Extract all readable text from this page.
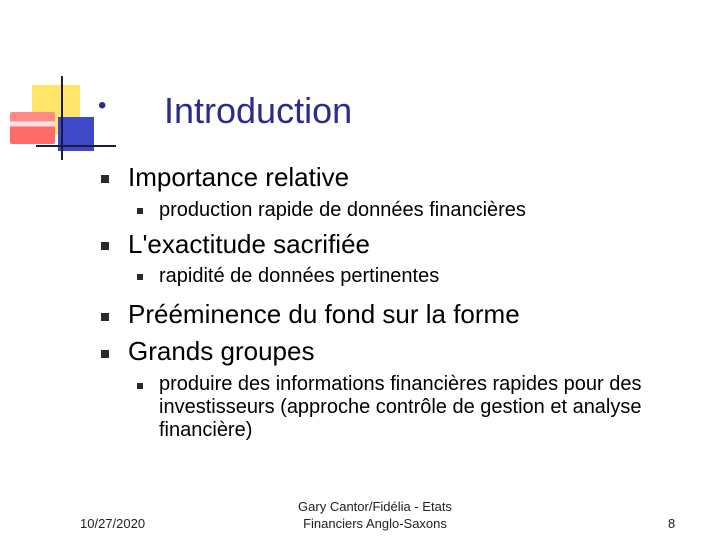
• Introduction
Importance relative
production rapide de données financières
L'exactitude sacrifiée
rapidité de données pertinentes
Prééminence du fond sur la forme
Grands groupes
produire des informations financières rapides pour des investisseurs (approche contrôle de gestion et analyse financière)
10/27/2020
Gary Cantor/Fidélia - Etats
Financiers Anglo-Saxons	8
